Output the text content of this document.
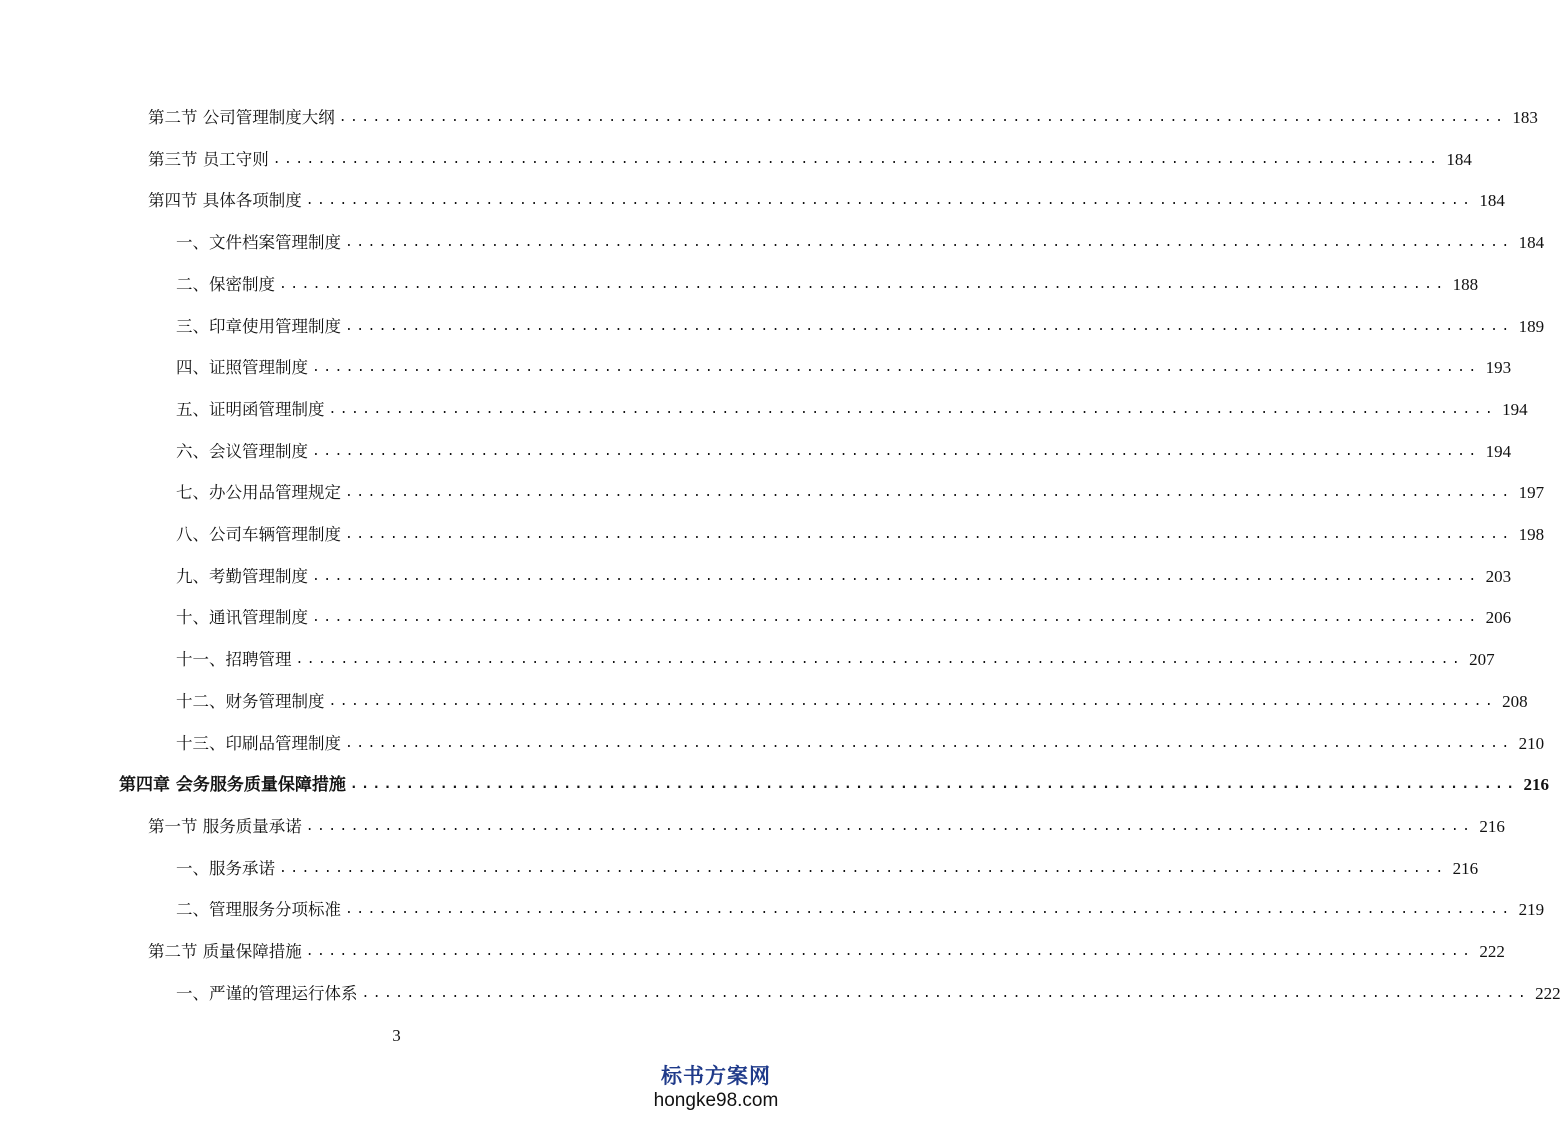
第二节 公司管理制度大纲 ........................................................................................................ 183
第三节 员工守则 ........................................................................................................ 184
第四节 具体各项制度 ........................................................................................................ 184
一、文件档案管理制度 ........................................................................................................ 184
二、保密制度 ........................................................................................................ 188
三、印章使用管理制度 ........................................................................................................ 189
四、证照管理制度 ........................................................................................................ 193
五、证明函管理制度 ........................................................................................................ 194
六、会议管理制度 ........................................................................................................ 194
七、办公用品管理规定 ........................................................................................................ 197
八、公司车辆管理制度 ........................................................................................................ 198
九、考勤管理制度 ........................................................................................................ 203
十、通讯管理制度 ........................................................................................................ 206
十一、招聘管理 ........................................................................................................ 207
十二、财务管理制度 ........................................................................................................ 208
十三、印刷品管理制度 ........................................................................................................ 210
第四章 会务服务质量保障措施 ........................................................................................................ 216
第一节 服务质量承诺 ........................................................................................................ 216
一、服务承诺 ........................................................................................................ 216
二、管理服务分项标准 ........................................................................................................ 219
第二节 质量保障措施 ........................................................................................................ 222
一、严谨的管理运行体系 ........................................................................................................ 222
3
标书方案网
hongke98.com
